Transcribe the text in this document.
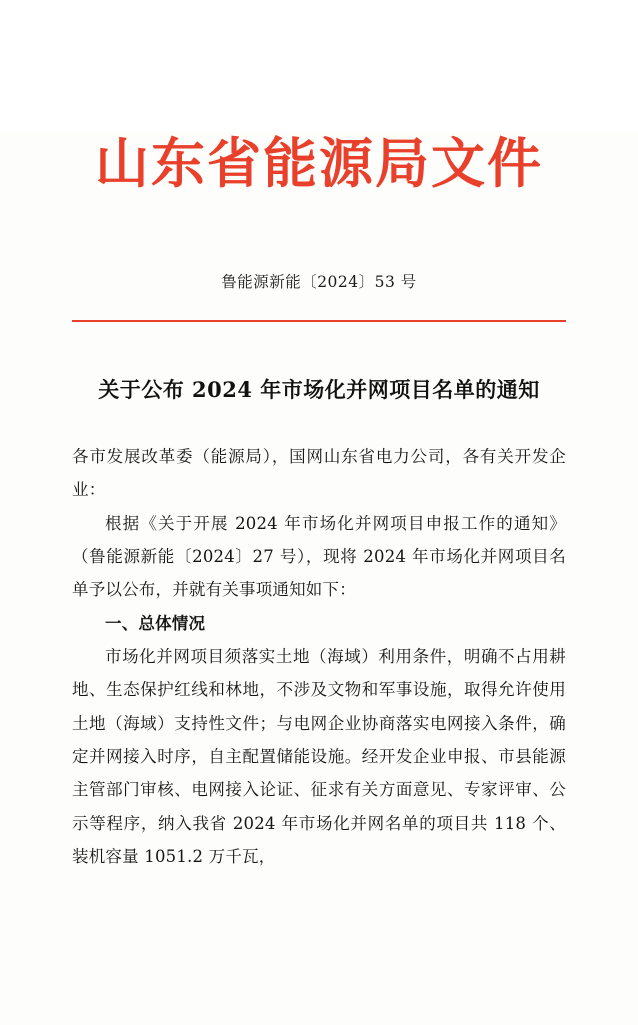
山东省能源局文件
鲁能源新能〔2024〕53 号
关于公布 2024 年市场化并网项目名单的通知

各市发展改革委（能源局），国网山东省电力公司，各有关开发企业：

根据《关于开展 2024 年市场化并网项目申报工作的通知》（鲁能源新能〔2024〕27 号），现将 2024 年市场化并网项目名单予以公布，并就有关事项通知如下：

一、总体情况

市场化并网项目须落实土地（海域）利用条件，明确不占用耕地、生态保护红线和林地，不涉及文物和军事设施，取得允许使用土地（海域）支持性文件；与电网企业协商落实电网接入条件，确定并网接入时序，自主配置储能设施。经开发企业申报、市县能源主管部门审核、电网接入论证、征求有关方面意见、专家评审、公示等程序，纳入我省 2024 年市场化并网名单的项目共 118 个、装机容量 1051.2 万千瓦，
